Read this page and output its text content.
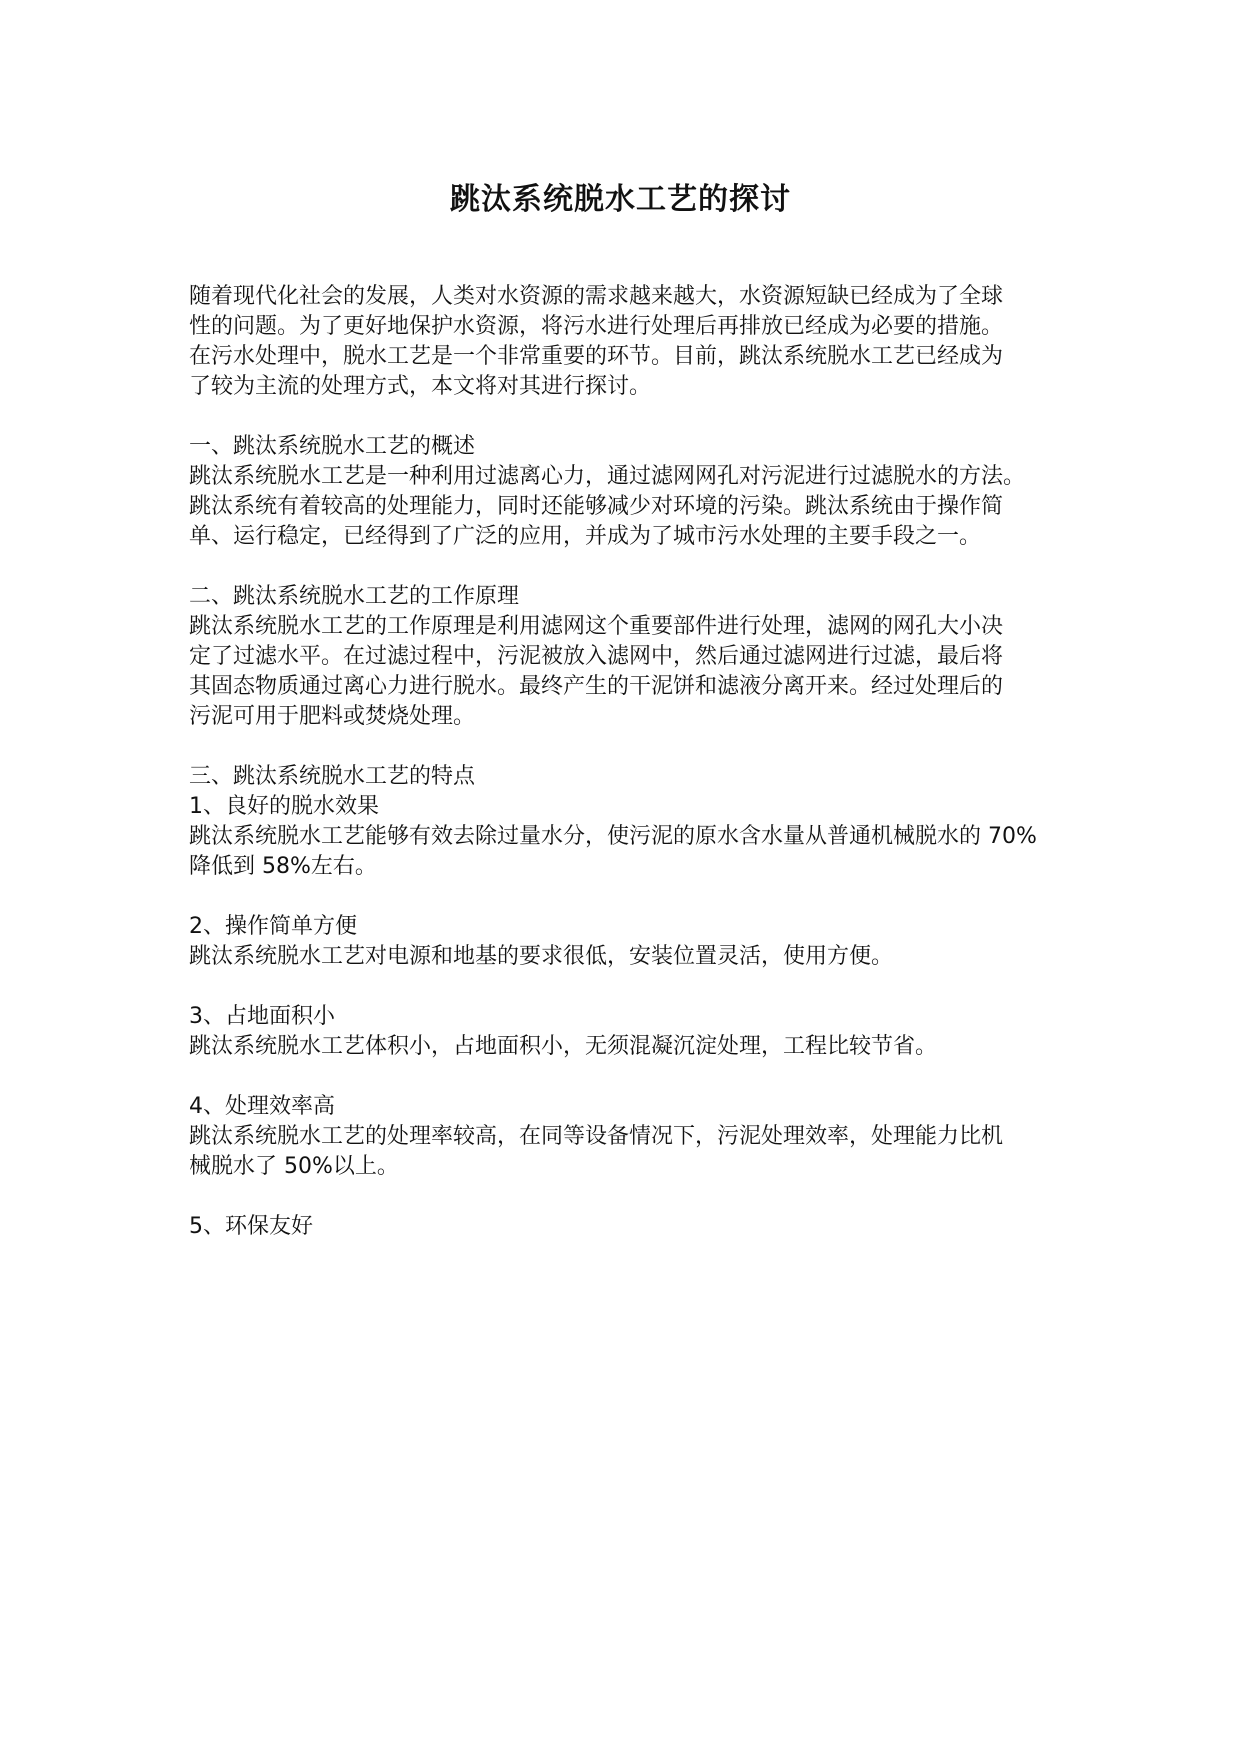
跳汰系统脱水工艺的探讨

随着现代化社会的发展，人类对水资源的需求越来越大，水资源短缺已经成为了全球

性的问题。为了更好地保护水资源，将污水进行处理后再排放已经成为必要的措施。

在污水处理中，脱水工艺是一个非常重要的环节。目前，跳汰系统脱水工艺已经成为

了较为主流的处理方式，本文将对其进行探讨。

一、跳汰系统脱水工艺的概述

跳汰系统脱水工艺是一种利用过滤离心力，通过滤网网孔对污泥进行过滤脱水的方法。

跳汰系统有着较高的处理能力，同时还能够减少对环境的污染。跳汰系统由于操作简

单、运行稳定，已经得到了广泛的应用，并成为了城市污水处理的主要手段之一。

二、跳汰系统脱水工艺的工作原理

跳汰系统脱水工艺的工作原理是利用滤网这个重要部件进行处理，滤网的网孔大小决

定了过滤水平。在过滤过程中，污泥被放入滤网中，然后通过滤网进行过滤，最后将

其固态物质通过离心力进行脱水。最终产生的干泥饼和滤液分离开来。经过处理后的

污泥可用于肥料或焚烧处理。

三、跳汰系统脱水工艺的特点

1、良好的脱水效果

跳汰系统脱水工艺能够有效去除过量水分，使污泥的原水含水量从普通机械脱水的 70%

降低到 58%左右。

2、操作简单方便

跳汰系统脱水工艺对电源和地基的要求很低，安装位置灵活，使用方便。

3、占地面积小

跳汰系统脱水工艺体积小，占地面积小，无须混凝沉淀处理，工程比较节省。

4、处理效率高

跳汰系统脱水工艺的处理率较高，在同等设备情况下，污泥处理效率，处理能力比机

械脱水了 50%以上。

5、环保友好
